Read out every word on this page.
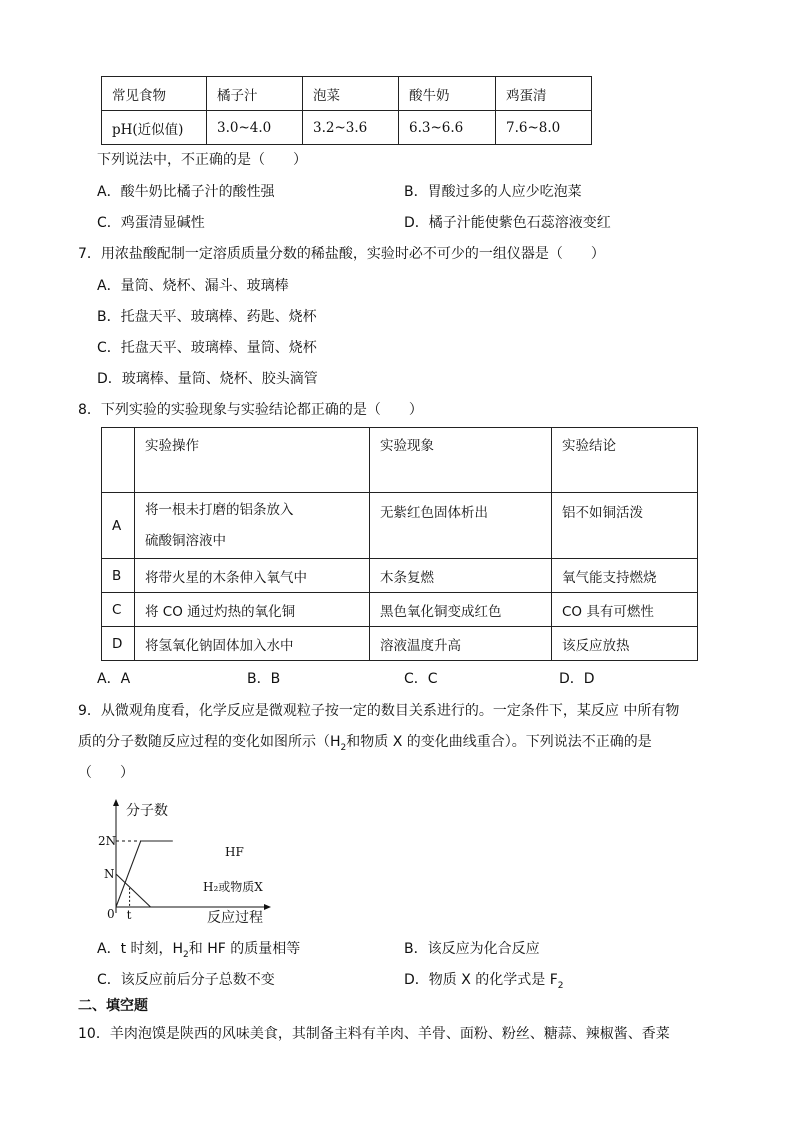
常见食物	橘子汁	泡菜	酸牛奶	鸡蛋清
pH(近似值)	3.0~4.0	3.2~3.6	6.3~6.6	7.6~8.0
下列说法中，不正确的是（　　）
A．酸牛奶比橘子汁的酸性强	B．胃酸过多的人应少吃泡菜
C．鸡蛋清显碱性	D．橘子汁能使紫色石蕊溶液变红
7．用浓盐酸配制一定溶质质量分数的稀盐酸，实验时必不可少的一组仪器是（　　）
A．量筒、烧杯、漏斗、玻璃棒
B．托盘天平、玻璃棒、药匙、烧杯
C．托盘天平、玻璃棒、量筒、烧杯
D．玻璃棒、量筒、烧杯、胶头滴管
8．下列实验的实验现象与实验结论都正确的是（　　）
	实验操作	实验现象	实验结论
A	将一根未打磨的铝条放入
硫酸铜溶液中	无紫红色固体析出	铝不如铜活泼
B	将带火星的木条伸入氧气中	木条复燃	氧气能支持燃烧
C	将 CO 通过灼热的氧化铜	黑色氧化铜变成红色	CO 具有可燃性
D	将氢氧化钠固体加入水中	溶液温度升高	该反应放热
A．A	B．B	C．C	D．D
9．从微观角度看，化学反应是微观粒子按一定的数目关系进行的。一定条件下，某反应 中所有物
质的分子数随反应过程的变化如图所示（$H_2$和物质 X 的变化曲线重合）。下列说法不正确的是
（　　）
HF
H₂或物质X
N
2N
0 t
分子数
反应过程
A．t 时刻，$H_2$和 HF 的质量相等	B．该反应为化合反应
C．该反应前后分子总数不变	D．物质 X 的化学式是 $F_2$
二、填空题
10．羊肉泡馍是陕西的风味美食，其制备主料有羊肉、羊骨、面粉、粉丝、糖蒜、辣椒酱、香菜
